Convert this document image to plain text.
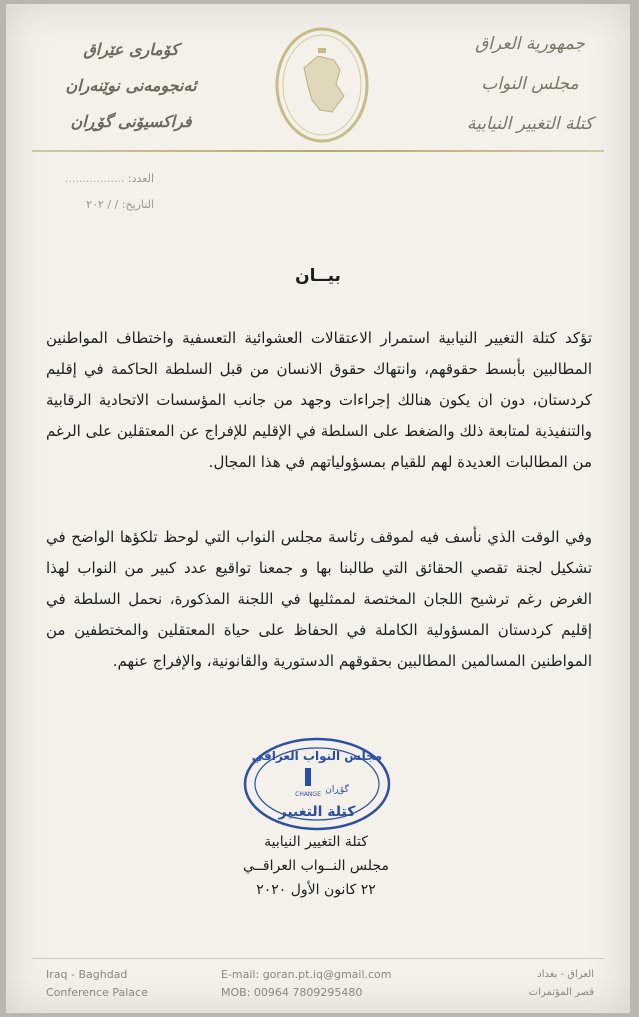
جمهورية العراق
مجلس النواب
كتلة التغيير النيابية
کۆماری عێراق
ئەنجومەنی نوێنەران
فراکسیۆنی گۆڕان
العدد: .................
التاريخ: / / ٢٠٢
بيــان
تؤكد كتلة التغيير النيابية استمرار الاعتقالات العشوائية التعسفية واختطاف المواطنين المطالبين بأبسط حقوقهم، وانتهاك حقوق الانسان من قبل السلطة الحاكمة في إقليم كردستان، دون ان يكون هنالك إجراءات وجهد من جانب المؤسسات الاتحادية الرقابية والتنفيذية لمتابعة ذلك والضغط على السلطة في الإقليم للإفراج عن المعتقلين على الرغم من المطالبات العديدة لهم للقيام بمسؤولياتهم في هذا المجال.
وفي الوقت الذي نأسف فيه لموقف رئاسة مجلس النواب التي لوحظ تلكؤها الواضح في تشكيل لجنة تقصي الحقائق التي طالبنا بها و جمعنا تواقيع عدد كبير من النواب لهذا الغرض رغم ترشيح اللجان المختصة لممثليها في اللجنة المذكورة، نحمل السلطة في إقليم كردستان المسؤولية الكاملة في الحفاظ على حياة المعتقلين والمختطفين من المواطنين المسالمين المطالبين بحقوقهم الدستورية والقانونية، والإفراج عنهم.
مجلس النواب العراقي
CHANGE گۆڕان
كتلة التغيير
كتلة التغيير النيابية
مجلس النــواب العراقــي
٢٢ كانون الأول ٢٠٢٠
Iraq - Baghdad
Conference Palace
E-mail: goran.pt.iq@gmail.com
MOB: 00964 7809295480
العراق - بغداد
قصر المؤتمرات
